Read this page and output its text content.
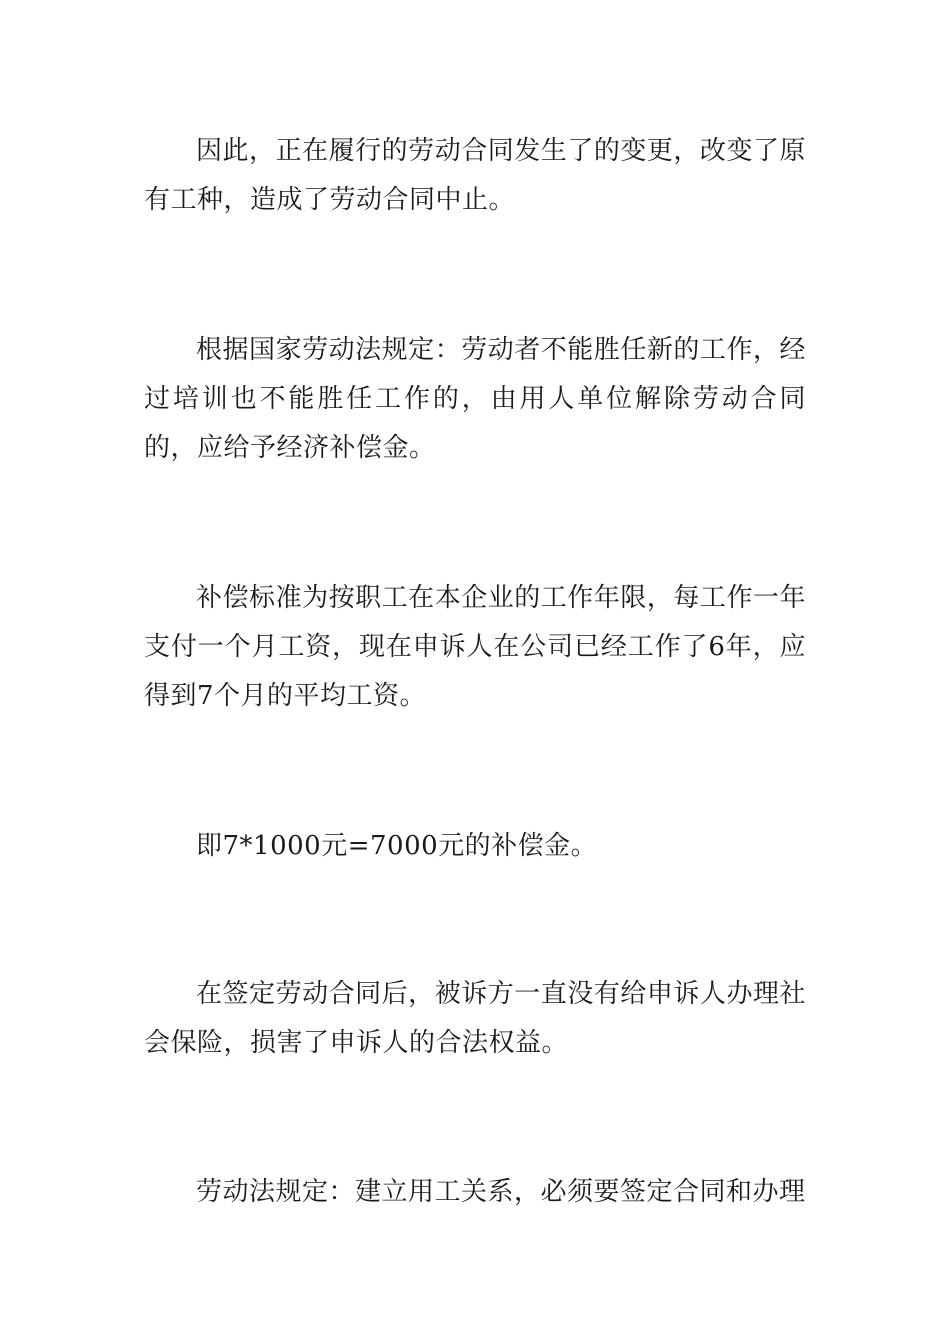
因此，正在履行的劳动合同发生了的变更，改变了原有工种，造成了劳动合同中止。

根据国家劳动法规定：劳动者不能胜任新的工作，经过培训也不能胜任工作的，由用人单位解除劳动合同的，应给予经济补偿金。

补偿标准为按职工在本企业的工作年限，每工作一年支付一个月工资，现在申诉人在公司已经工作了6年，应得到7个月的平均工资。

即7*1000元=7000元的补偿金。

在签定劳动合同后，被诉方一直没有给申诉人办理社会保险，损害了申诉人的合法权益。

劳动法规定：建立用工关系，必须要签定合同和办理
